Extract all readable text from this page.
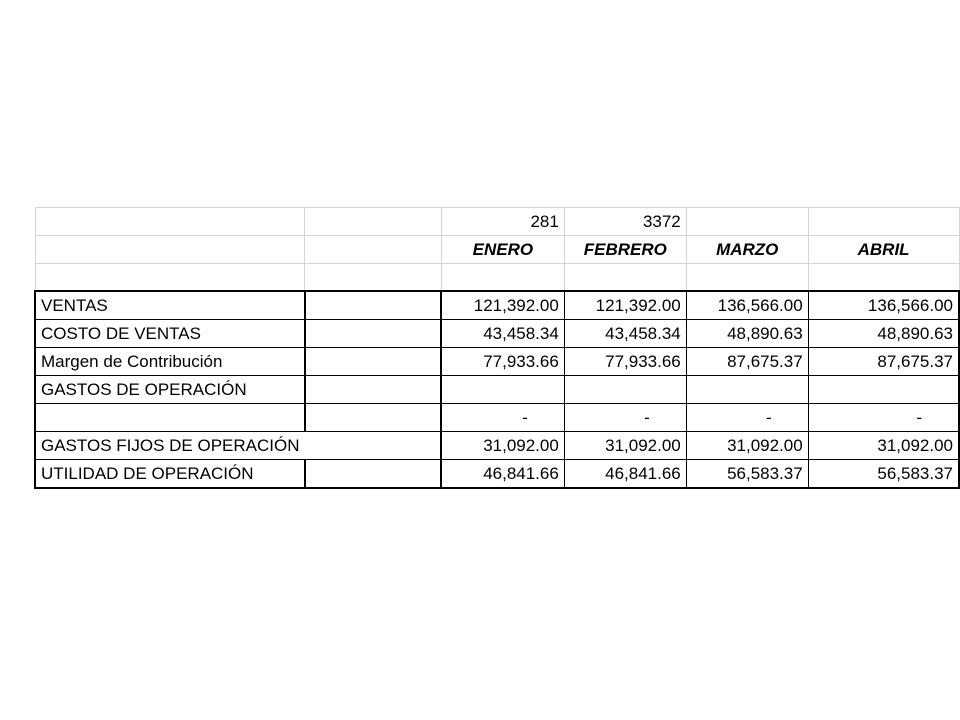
		281	3372		
		ENERO	FEBRERO	MARZO	ABRIL

VENTAS		121,392.00	121,392.00	136,566.00	136,566.00
COSTO DE VENTAS		43,458.34	43,458.34	48,890.63	48,890.63
Margen de Contribución		77,933.66	77,933.66	87,675.37	87,675.37
GASTOS DE OPERACIÓN					
		-	-	-	-
GASTOS FIJOS DE OPERACIÓN		31,092.00	31,092.00	31,092.00	31,092.00
UTILIDAD DE OPERACIÓN		46,841.66	46,841.66	56,583.37	56,583.37
